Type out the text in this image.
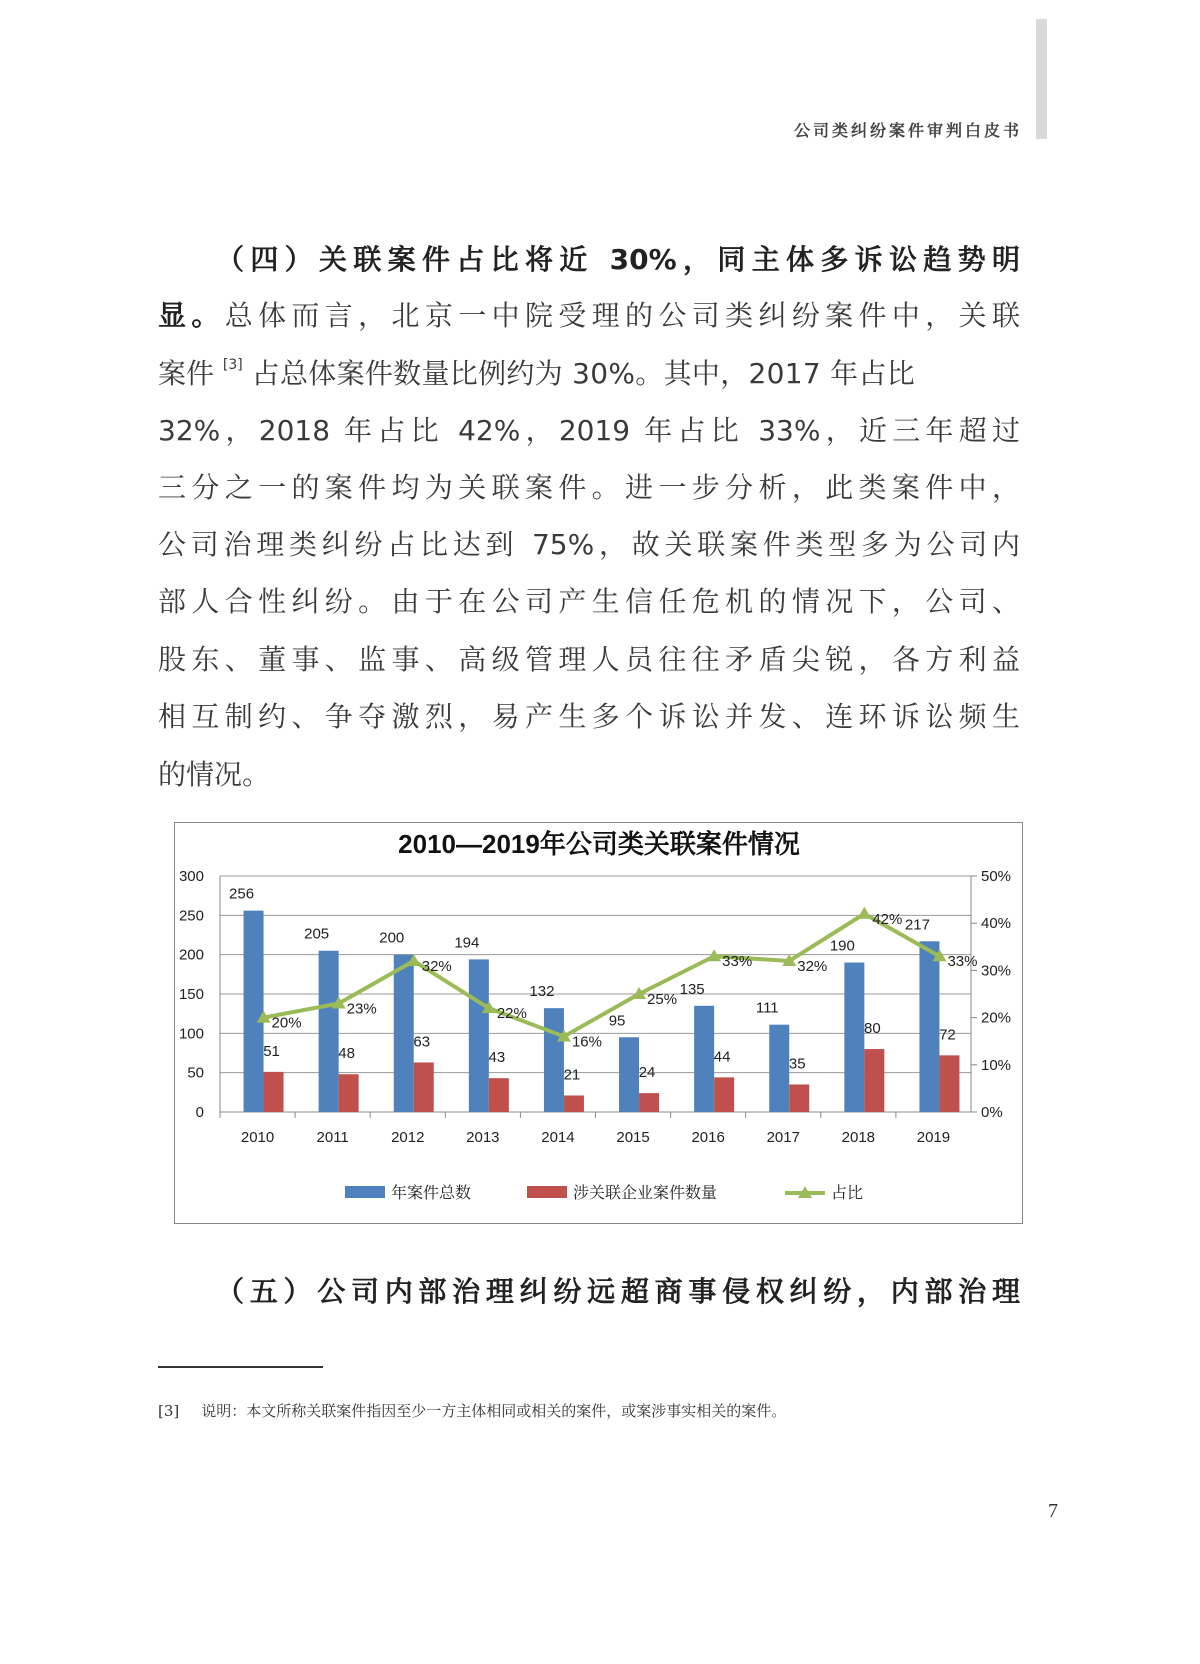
公司类纠纷案件审判白皮书
（四）关联案件占比将近 30%，同主体多诉讼趋势明
显。总体而言，北京一中院受理的公司类纠纷案件中，关联
案件 [3] 占总体案件数量比例约为 30%。其中，2017 年占比
32%，2018 年占比 42%，2019 年占比 33%，近三年超过
三分之一的案件均为关联案件。进一步分析，此类案件中，
公司治理类纠纷占比达到 75%，故关联案件类型多为公司内
部人合性纠纷。由于在公司产生信任危机的情况下，公司、
股东、董事、监事、高级管理人员往往矛盾尖锐，各方利益
相互制约、争夺激烈，易产生多个诉讼并发、连环诉讼频生
的情况。
2010—2019年公司类关联案件情况
0
50
100
150
200
250
300
0%
10%
20%
30%
40%
50%
2010
256
51
2011
205
48
2012
200
63
2013
194
43
2014
132
21
2015
95
24
2016
135
44
2017
111
35
2018
190
80
2019
217
72
20%
23%
32%
22%
16%
25%
33%	32%
42%
33%
年案件总数	涉关联企业案件数量	占比
（五）公司内部治理纠纷远超商事侵权纠纷，内部治理
[3] 说明：本文所称关联案件指因至少一方主体相同或相关的案件，或案涉事实相关的案件。
7
